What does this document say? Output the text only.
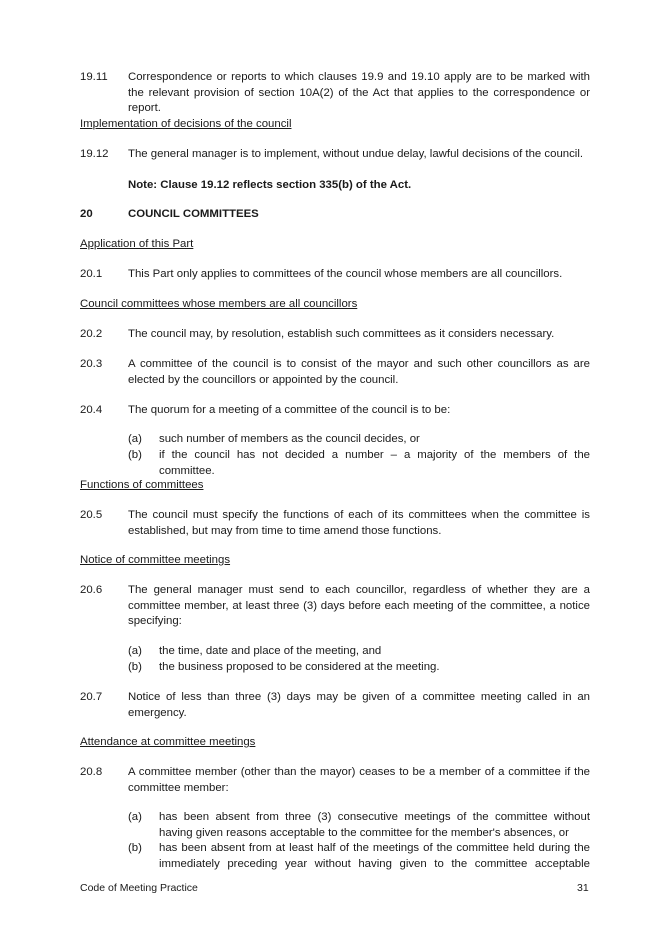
19.11	Correspondence or reports to which clauses 19.9 and 19.10 apply are to be marked with the relevant provision of section 10A(2) of the Act that applies to the correspondence or report.
Implementation of decisions of the council
19.12	The general manager is to implement, without undue delay, lawful decisions of the council.
Note: Clause 19.12 reflects section 335(b) of the Act.
20	COUNCIL COMMITTEES
Application of this Part
20.1	This Part only applies to committees of the council whose members are all councillors.
Council committees whose members are all councillors
20.2	The council may, by resolution, establish such committees as it considers necessary.
20.3	A committee of the council is to consist of the mayor and such other councillors as are elected by the councillors or appointed by the council.
20.4	The quorum for a meeting of a committee of the council is to be:
(a)	such number of members as the council decides, or
(b)	if the council has not decided a number – a majority of the members of the committee.
Functions of committees
20.5	The council must specify the functions of each of its committees when the committee is established, but may from time to time amend those functions.
Notice of committee meetings
20.6	The general manager must send to each councillor, regardless of whether they are a committee member, at least three (3) days before each meeting of the committee, a notice specifying:
(a)	the time, date and place of the meeting, and
(b)	the business proposed to be considered at the meeting.
20.7	Notice of less than three (3) days may be given of a committee meeting called in an emergency.
Attendance at committee meetings
20.8	A committee member (other than the mayor) ceases to be a member of a committee if the committee member:
(a)	has been absent from three (3) consecutive meetings of the committee without having given reasons acceptable to the committee for the member's absences, or
(b)	has been absent from at least half of the meetings of the committee held during the immediately preceding year without having given to the committee acceptable
Code of Meeting Practice	31
